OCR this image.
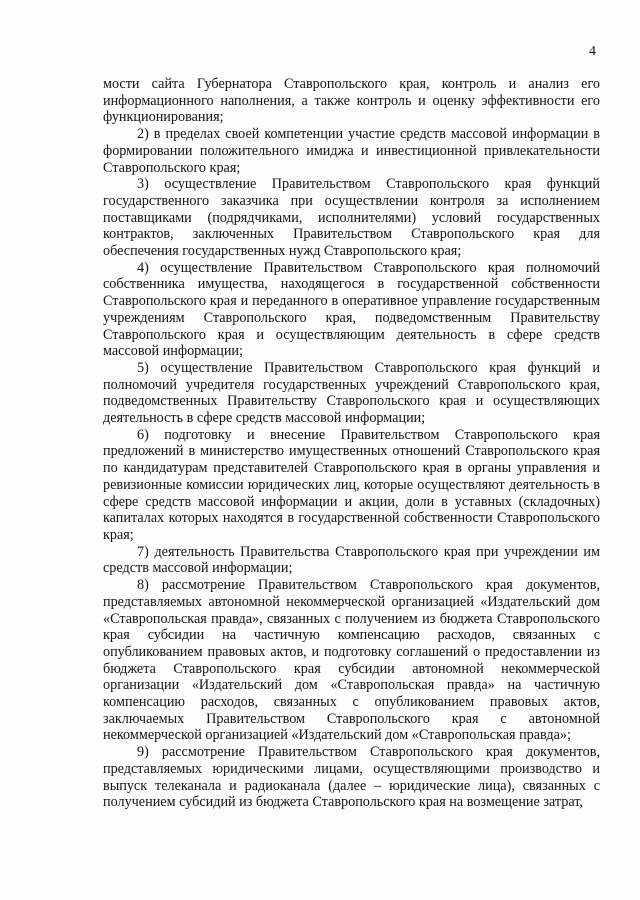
4

мости сайта Губернатора Ставропольского края, контроль и анализ его информационного наполнения, а также контроль и оценку эффективности его функционирования;

2) в пределах своей компетенции участие средств массовой информации в формировании положительного имиджа и инвестиционной привлекательности Ставропольского края;

3) осуществление Правительством Ставропольского края функций государственного заказчика при осуществлении контроля за исполнением поставщиками (подрядчиками, исполнителями) условий государственных контрактов, заключенных Правительством Ставропольского края для обеспечения государственных нужд Ставропольского края;

4) осуществление Правительством Ставропольского края полномочий собственника имущества, находящегося в государственной собственности Ставропольского края и переданного в оперативное управление государственным учреждениям Ставропольского края, подведомственным Правительству Ставропольского края и осуществляющим деятельность в сфере средств массовой информации;

5) осуществление Правительством Ставропольского края функций и полномочий учредителя государственных учреждений Ставропольского края, подведомственных Правительству Ставропольского края и осуществляющих деятельность в сфере средств массовой информации;

6) подготовку и внесение Правительством Ставропольского края предложений в министерство имущественных отношений Ставропольского края по кандидатурам представителей Ставропольского края в органы управления и ревизионные комиссии юридических лиц, которые осуществляют деятельность в сфере средств массовой информации и акции, доли в уставных (складочных) капиталах которых находятся в государственной собственности Ставропольского края;

7) деятельность Правительства Ставропольского края при учреждении им средств массовой информации;

8) рассмотрение Правительством Ставропольского края документов, представляемых автономной некоммерческой организацией «Издательский дом «Ставропольская правда», связанных с получением из бюджета Ставропольского края субсидии на частичную компенсацию расходов, связанных с опубликованием правовых актов, и подготовку соглашений о предоставлении из бюджета Ставропольского края субсидии автономной некоммерческой организации «Издательский дом «Ставропольская правда» на частичную компенсацию расходов, связанных с опубликованием правовых актов, заключаемых Правительством Ставропольского края с автономной некоммерческой организацией «Издательский дом «Ставропольская правда»;

9) рассмотрение Правительством Ставропольского края документов, представляемых юридическими лицами, осуществляющими производство и выпуск телеканала и радиоканала (далее – юридические лица), связанных с получением субсидий из бюджета Ставропольского края на возмещение затрат,
